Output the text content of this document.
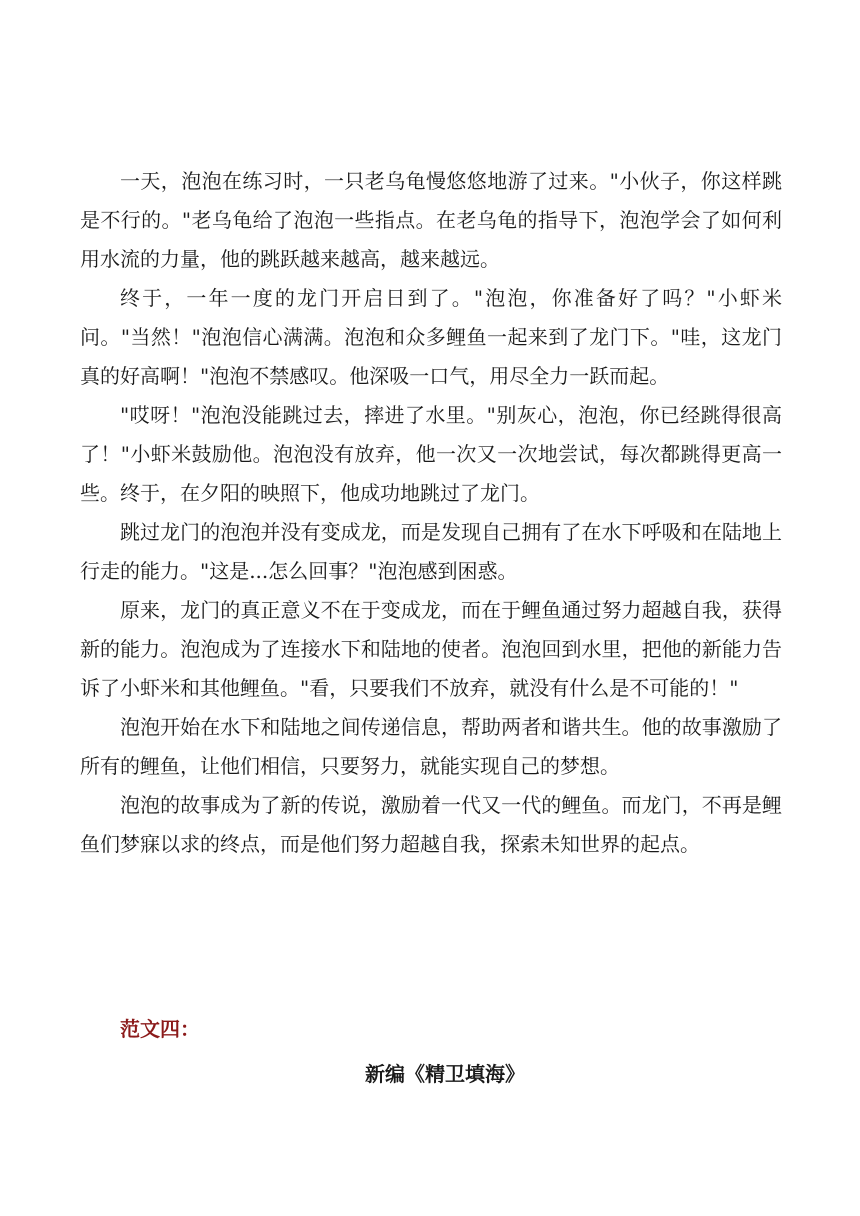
一天，泡泡在练习时，一只老乌龟慢悠悠地游了过来。"小伙子，你这样跳是不行的。"老乌龟给了泡泡一些指点。在老乌龟的指导下，泡泡学会了如何利用水流的力量，他的跳跃越来越高，越来越远。

终于，一年一度的龙门开启日到了。"泡泡，你准备好了吗？"小虾米问。"当然！"泡泡信心满满。泡泡和众多鲤鱼一起来到了龙门下。"哇，这龙门真的好高啊！"泡泡不禁感叹。他深吸一口气，用尽全力一跃而起。

"哎呀！"泡泡没能跳过去，摔进了水里。"别灰心，泡泡，你已经跳得很高了！"小虾米鼓励他。泡泡没有放弃，他一次又一次地尝试，每次都跳得更高一些。终于，在夕阳的映照下，他成功地跳过了龙门。

跳过龙门的泡泡并没有变成龙，而是发现自己拥有了在水下呼吸和在陆地上行走的能力。"这是...怎么回事？"泡泡感到困惑。

原来，龙门的真正意义不在于变成龙，而在于鲤鱼通过努力超越自我，获得新的能力。泡泡成为了连接水下和陆地的使者。泡泡回到水里，把他的新能力告诉了小虾米和其他鲤鱼。"看，只要我们不放弃，就没有什么是不可能的！"

泡泡开始在水下和陆地之间传递信息，帮助两者和谐共生。他的故事激励了所有的鲤鱼，让他们相信，只要努力，就能实现自己的梦想。

泡泡的故事成为了新的传说，激励着一代又一代的鲤鱼。而龙门，不再是鲤鱼们梦寐以求的终点，而是他们努力超越自我，探索未知世界的起点。

范文四：

新编《精卫填海》
